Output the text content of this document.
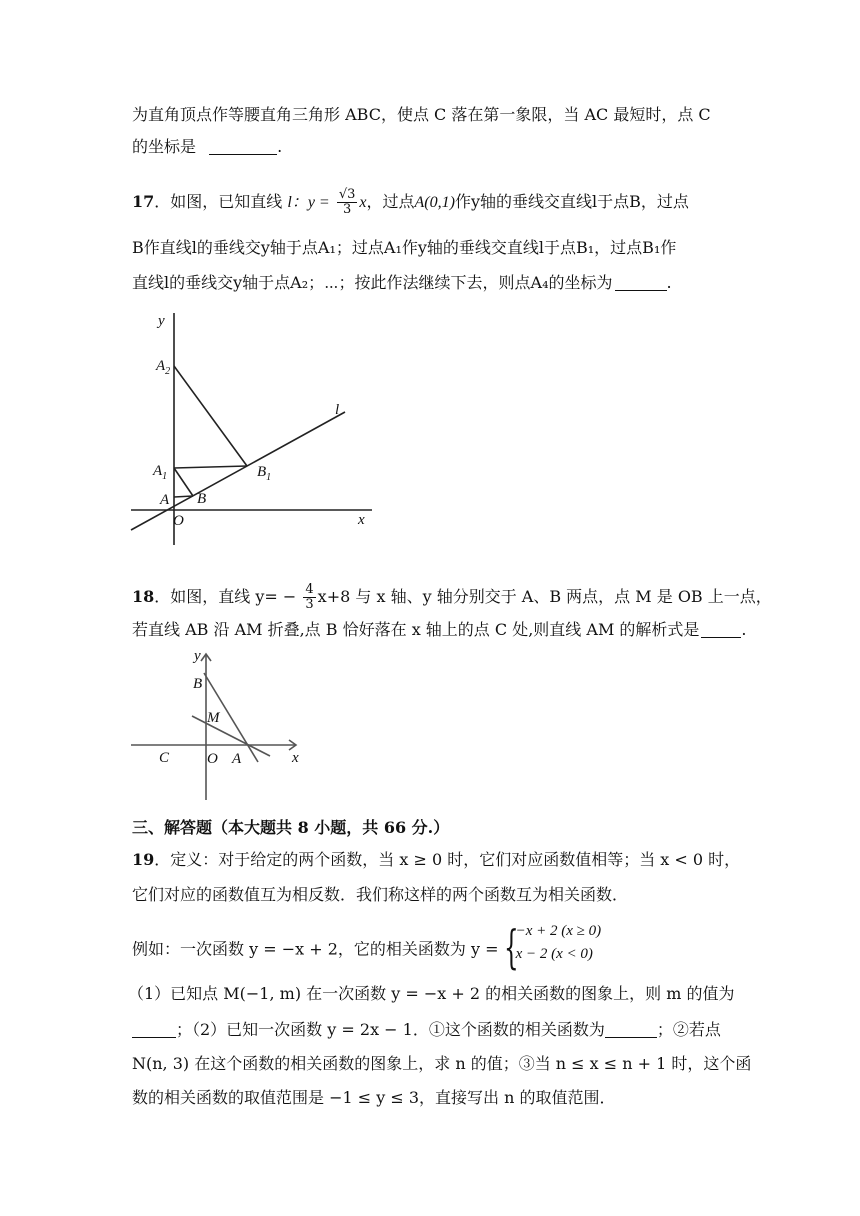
为直角顶点作等腰直角三角形 ABC，使点 C 落在第一象限，当 AC 最短时，点 C
的坐标是	.
17．如图，已知直线 l：$y = \frac{√3}{3}$ x，过点A(0,1)作y轴的垂线交直线l于点B，过点
B作直线l的垂线交y轴于点A₁；过点A₁作y轴的垂线交直线l于点B₁，过点B₁作
直线l的垂线交y轴于点A₂；⋯；按此作法继续下去，则点A₄的坐标为	.
y
$A_2$
l
$A_1$	$B_1$
A B
O	x
18．如图，直线 $y= - \frac{4}{3} x+8$ 与 x 轴、y 轴分别交于 A、B 两点，点 M 是 OB 上一点，
若直线 AB 沿 AM 折叠,点 B 恰好落在 x 轴上的点 C 处,则直线 AM 的解析式是	.
y
B
M
C	O A	x
三、解答题（本大题共 8 小题，共 66 分.）
19．定义：对于给定的两个函数，当 x ≥ 0 时，它们对应函数值相等；当 x < 0 时，
它们对应的函数值互为相反数．我们称这样的两个函数互为相关函数．
例如：一次函数 y = −x + 2，它的相关函数为 y = {
−x + 2 (x ≥ 0)
x − 2 (x < 0)
（1）已知点 M(−1, m) 在一次函数 y = −x + 2 的相关函数的图象上，则 m 的值为
；（2）已知一次函数 y = 2x − 1．①这个函数的相关函数为	；②若点
N(n, 3) 在这个函数的相关函数的图象上，求 n 的值；③当 n ≤ x ≤ n + 1 时，这个函
数的相关函数的取值范围是 −1 ≤ y ≤ 3，直接写出 n 的取值范围．
